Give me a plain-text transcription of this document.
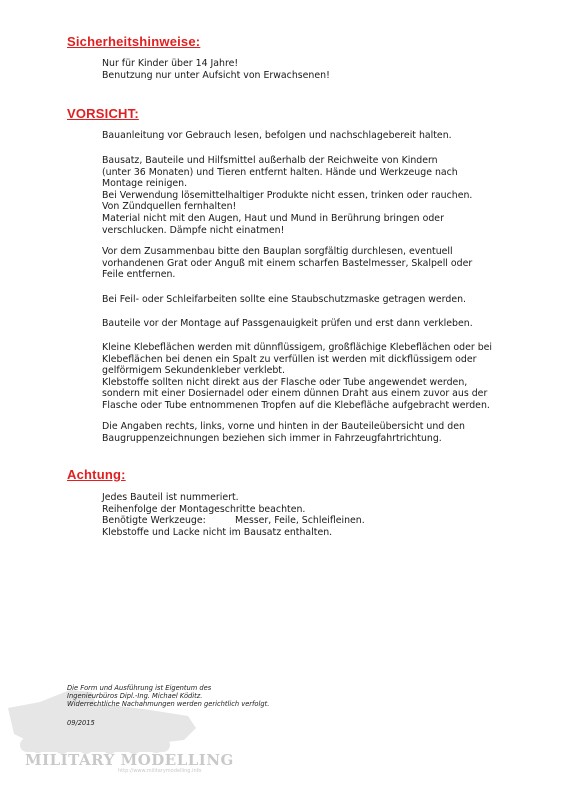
Sicherheitshinweise:
Nur für Kinder über 14 Jahre!
Benutzung nur unter Aufsicht von Erwachsenen!
VORSICHT:
Bauanleitung vor Gebrauch lesen, befolgen und nachschlagebereit halten.
Bausatz, Bauteile und Hilfsmittel außerhalb der Reichweite von Kindern
(unter 36 Monaten) und Tieren entfernt halten. Hände und Werkzeuge nach
Montage reinigen.
Bei Verwendung lösemittelhaltiger Produkte nicht essen, trinken oder rauchen.
Von Zündquellen fernhalten!
Material nicht mit den Augen, Haut und Mund in Berührung bringen oder
verschlucken. Dämpfe nicht einatmen!
Vor dem Zusammenbau bitte den Bauplan sorgfältig durchlesen, eventuell
vorhandenen Grat oder Anguß mit einem scharfen Bastelmesser, Skalpell oder
Feile entfernen.
Bei Feil- oder Schleifarbeiten sollte eine Staubschutzmaske getragen werden.
Bauteile vor der Montage auf Passgenauigkeit prüfen und erst dann verkleben.
Kleine Klebeflächen werden mit dünnflüssigem, großflächige Klebeflächen oder bei
Klebeflächen bei denen ein Spalt zu verfüllen ist werden mit dickflüssigem oder
gelförmigem Sekundenkleber verklebt.
Klebstoffe sollten nicht direkt aus der Flasche oder Tube angewendet werden,
sondern mit einer Dosiernadel oder einem dünnen Draht aus einem zuvor aus der
Flasche oder Tube entnommenen Tropfen auf die Klebefläche aufgebracht werden.
Die Angaben rechts, links, vorne und hinten in der Bauteileübersicht und den
Baugruppenzeichnungen beziehen sich immer in Fahrzeugfahrtrichtung.
Achtung:
Jedes Bauteil ist nummeriert.
Reihenfolge der Montageschritte beachten.
Benötigte Werkzeuge:	Messer, Feile, Schleifleinen.
Klebstoffe und Lacke nicht im Bausatz enthalten.
MILITARY MODELLING
http://www.militarymodelling.info
Die Form und Ausführung ist Eigentum des
Ingenieurbüros Dipl.-Ing. Michael Köditz.
Widerrechtliche Nachahmungen werden gerichtlich verfolgt.
09/2015
